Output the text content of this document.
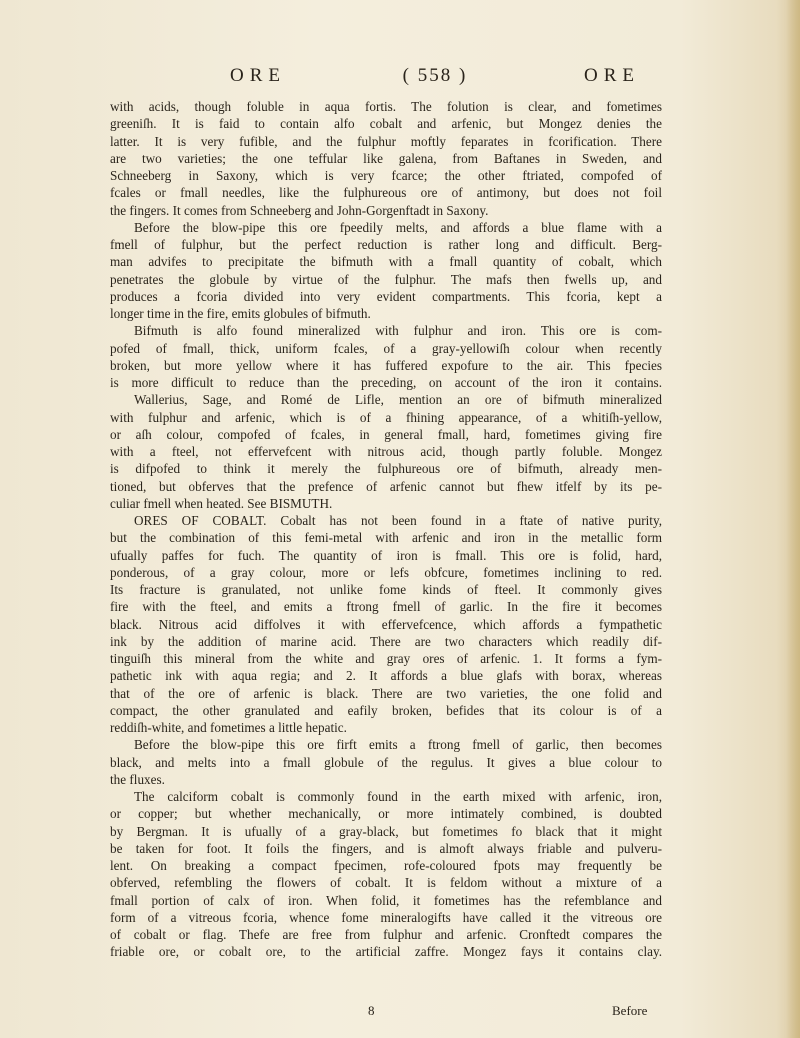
ORE	( 558 )	ORE
with acids, though foluble in aqua fortis. The folution is clear, and fometimes
greeniſh. It is faid to contain alfo cobalt and arfenic, but Mongez denies the
latter. It is very fufible, and the fulphur moftly feparates in fcorification. There
are two varieties; the one teffular like galena, from Baftanes in Sweden, and
Schneeberg in Saxony, which is very fcarce; the other ftriated, compofed of
fcales or fmall needles, like the fulphureous ore of antimony, but does not foil
the fingers. It comes from Schneeberg and John-Gorgenftadt in Saxony.
Before the blow-pipe this ore fpeedily melts, and affords a blue flame with a
fmell of fulphur, but the perfect reduction is rather long and difficult. Berg-
man advifes to precipitate the bifmuth with a fmall quantity of cobalt, which
penetrates the globule by virtue of the fulphur. The mafs then fwells up, and
produces a fcoria divided into very evident compartments. This fcoria, kept a
longer time in the fire, emits globules of bifmuth.
Bifmuth is alfo found mineralized with fulphur and iron. This ore is com-
pofed of fmall, thick, uniform fcales, of a gray-yellowiſh colour when recently
broken, but more yellow where it has fuffered expofure to the air. This fpecies
is more difficult to reduce than the preceding, on account of the iron it contains.
Wallerius, Sage, and Romé de Lifle, mention an ore of bifmuth mineralized
with fulphur and arfenic, which is of a fhining appearance, of a whitiſh-yellow,
or aſh colour, compofed of fcales, in general fmall, hard, fometimes giving fire
with a fteel, not effervefcent with nitrous acid, though partly foluble. Mongez
is difpofed to think it merely the fulphureous ore of bifmuth, already men-
tioned, but obferves that the prefence of arfenic cannot but fhew itfelf by its pe-
culiar fmell when heated. See BISMUTH.
ORES OF COBALT. Cobalt has not been found in a ftate of native purity,
but the combination of this femi-metal with arfenic and iron in the metallic form
ufually paffes for fuch. The quantity of iron is fmall. This ore is folid, hard,
ponderous, of a gray colour, more or lefs obfcure, fometimes inclining to red.
Its fracture is granulated, not unlike fome kinds of fteel. It commonly gives
fire with the fteel, and emits a ftrong fmell of garlic. In the fire it becomes
black. Nitrous acid diffolves it with effervefcence, which affords a fympathetic
ink by the addition of marine acid. There are two characters which readily dif-
tinguiſh this mineral from the white and gray ores of arfenic. 1. It forms a fym-
pathetic ink with aqua regia; and 2. It affords a blue glafs with borax, whereas
that of the ore of arfenic is black. There are two varieties, the one folid and
compact, the other granulated and eafily broken, befides that its colour is of a
reddiſh-white, and fometimes a little hepatic.
Before the blow-pipe this ore firft emits a ftrong fmell of garlic, then becomes
black, and melts into a fmall globule of the regulus. It gives a blue colour to
the fluxes.
The calciform cobalt is commonly found in the earth mixed with arfenic, iron,
or copper; but whether mechanically, or more intimately combined, is doubted
by Bergman. It is ufually of a gray-black, but fometimes fo black that it might
be taken for foot. It foils the fingers, and is almoft always friable and pulveru-
lent. On breaking a compact fpecimen, rofe-coloured fpots may frequently be
obferved, refembling the flowers of cobalt. It is feldom without a mixture of a
fmall portion of calx of iron. When folid, it fometimes has the refemblance and
form of a vitreous fcoria, whence fome mineralogifts have called it the vitreous ore
of cobalt or flag. Thefe are free from fulphur and arfenic. Cronftedt compares the
friable ore, or cobalt ore, to the artificial zaffre. Mongez fays it contains clay.
8	Before
